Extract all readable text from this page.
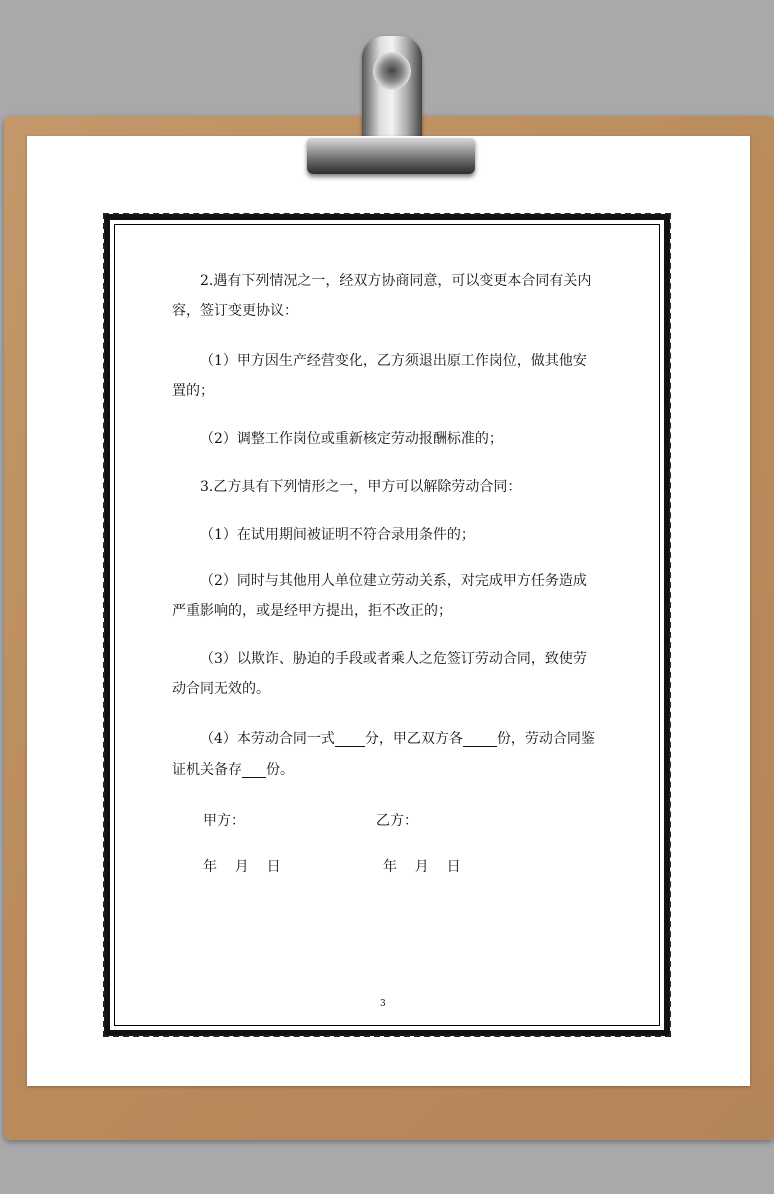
2.遇有下列情况之一，经双方协商同意，可以变更本合同有关内
容，签订变更协议：

（1）甲方因生产经营变化，乙方须退出原工作岗位，做其他安
置的；

（2）调整工作岗位或重新核定劳动报酬标准的；

3.乙方具有下列情形之一，甲方可以解除劳动合同：

（1）在试用期间被证明不符合录用条件的；

（2）同时与其他用人单位建立劳动关系，对完成甲方任务造成
严重影响的，或是经甲方提出，拒不改正的；

（3）以欺诈、胁迫的手段或者乘人之危签订劳动合同，致使劳
动合同无效的。

（4）本劳动合同一式 分，甲乙双方各 份，劳动合同鉴
证机关备存 份。

甲方：	乙方：
年    月    日	年    月    日
3
